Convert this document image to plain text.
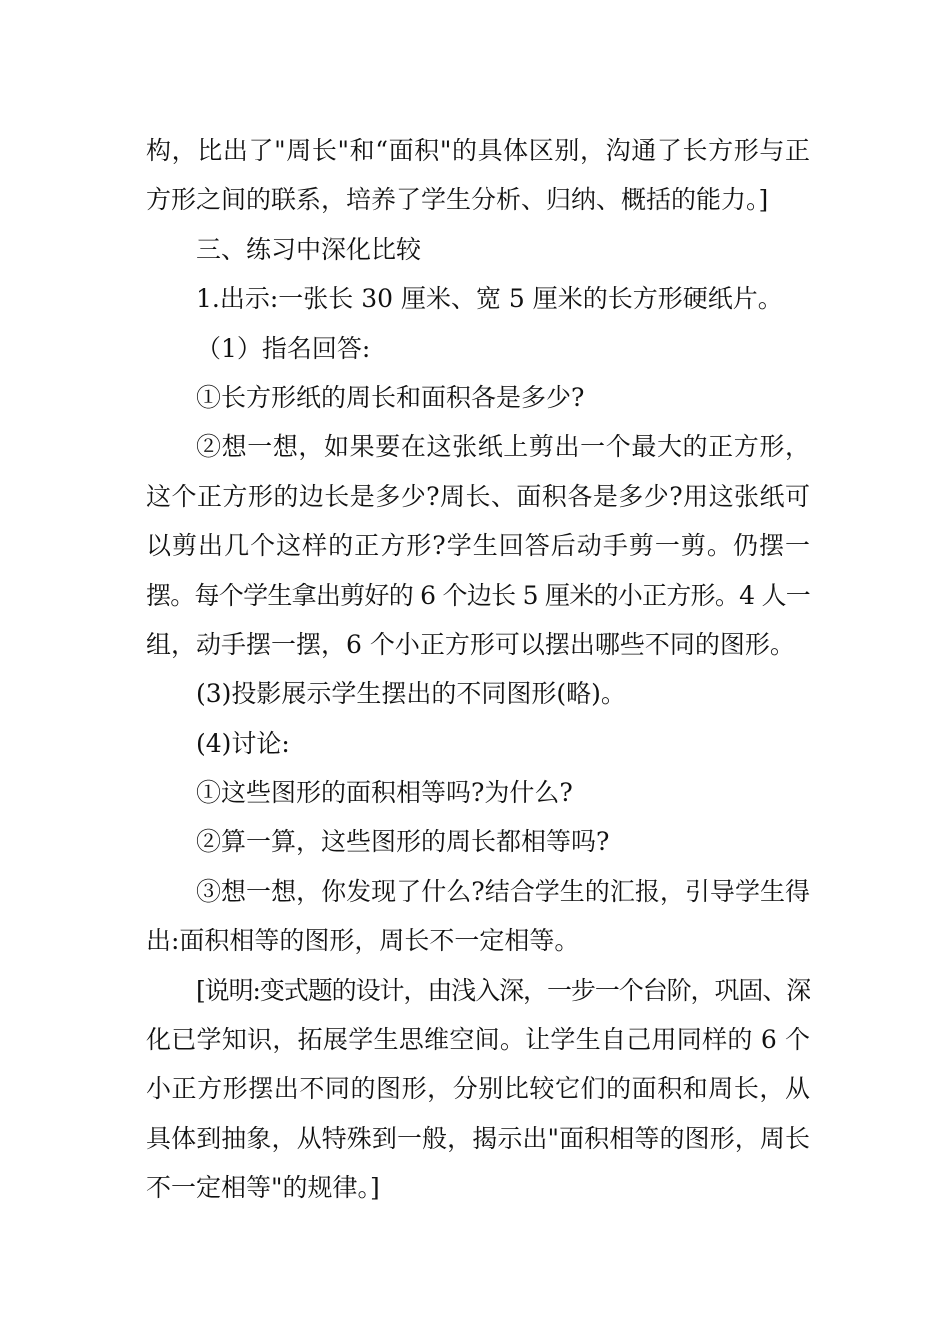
构，比出了"周长"和“面积"的具体区别，沟通了长方形与正
方形之间的联系，培养了学生分析、归纳、概括的能力。]
三、练习中深化比较
1.出示:一张长 30 厘米、宽 5 厘米的长方形硬纸片。
（1）指名回答:
①长方形纸的周长和面积各是多少?
②想一想，如果要在这张纸上剪出一个最大的正方形，
这个正方形的边长是多少?周长、面积各是多少?用这张纸可
以剪出几个这样的正方形?学生回答后动手剪一剪。仍摆一
摆。每个学生拿出剪好的 6 个边长 5 厘米的小正方形。4 人一
组，动手摆一摆，6 个小正方形可以摆出哪些不同的图形。
(3)投影展示学生摆出的不同图形(略)。
(4)讨论:
①这些图形的面积相等吗?为什么?
②算一算，这些图形的周长都相等吗?
③想一想，你发现了什么?结合学生的汇报，引导学生得
出:面积相等的图形，周长不一定相等。
[说明:变式题的设计，由浅入深，一步一个台阶，巩固、深
化已学知识，拓展学生思维空间。让学生自己用同样的 6 个
小正方形摆出不同的图形，分别比较它们的面积和周长，从
具体到抽象，从特殊到一般，揭示出"面积相等的图形，周长
不一定相等"的规律。]
